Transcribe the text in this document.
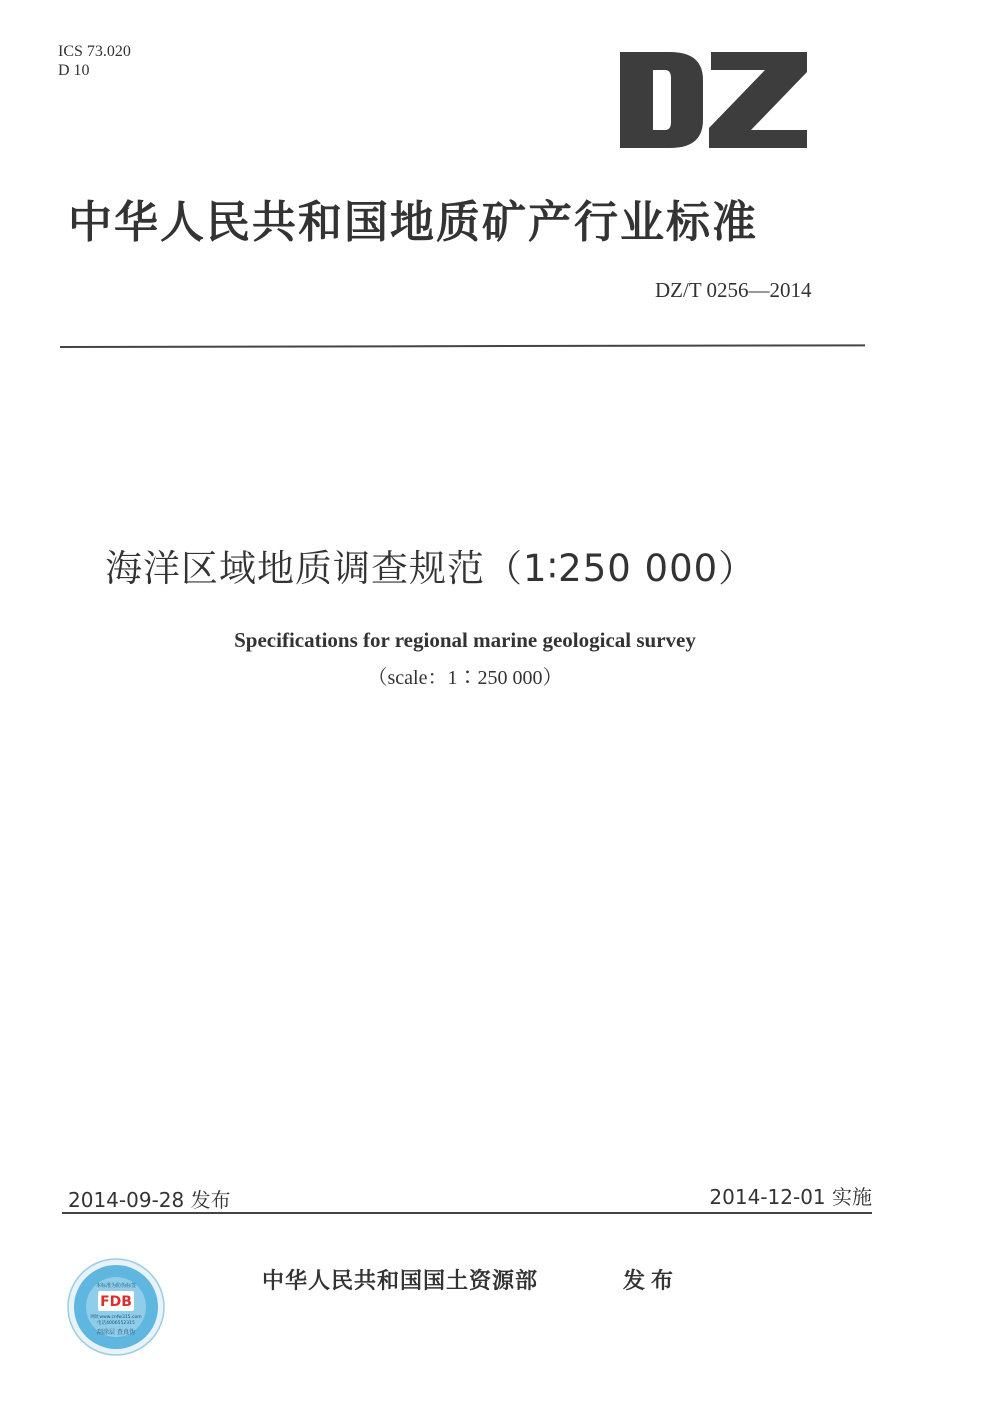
ICS 73.020
D 10
中华人民共和国地质矿产行业标准
DZ/T 0256—2014
海洋区域地质调查规范（1∶250 000）
Specifications for regional marine geological survey
（scale：1∶250 000）
2014-09-28 发布	2014-12-01 实施
FDB
本标准为防伪标签
网址www.cnfw315.com
电话4006552315
刮涂层 查真伪
中华人民共和国国土资源部	发布
